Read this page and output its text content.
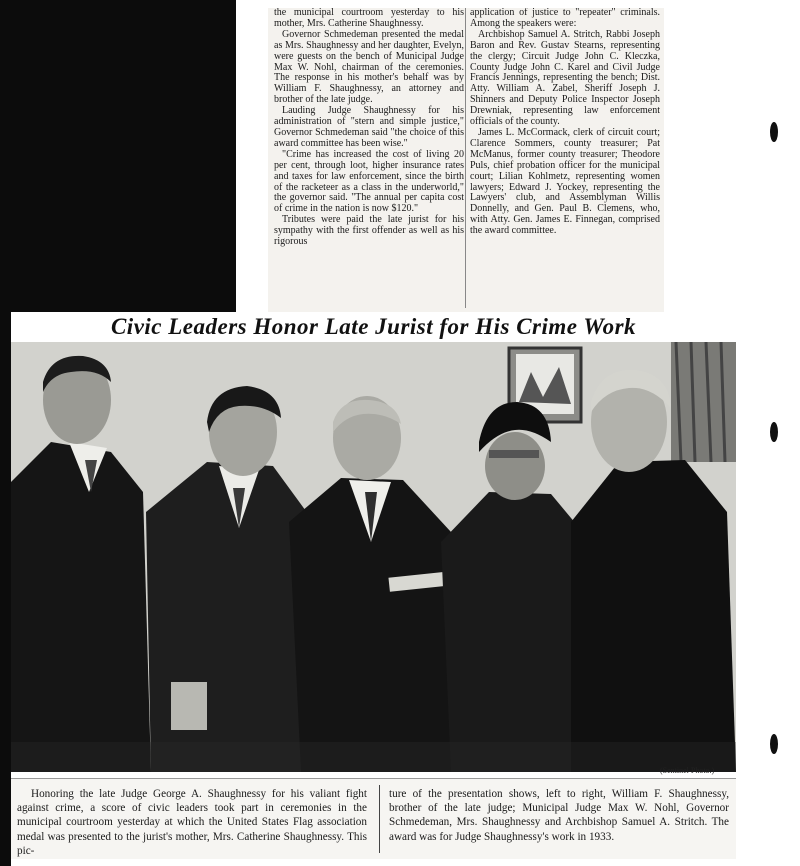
the municipal courtroom yesterday to his mother, Mrs. Catherine Shaughnessy.

Governor Schmedeman presented the medal as Mrs. Shaughnessy and her daughter, Evelyn, were guests on the bench of Municipal Judge Max W. Nohl, chairman of the ceremonies. The response in his mother's behalf was by William F. Shaughnessy, an attorney and brother of the late judge.

Lauding Judge Shaughnessy for his administration of "stern and simple justice," Governor Schmedeman said "the choice of this award committee has been wise."

"Crime has increased the cost of living 20 per cent, through loot, higher insurance rates and taxes for law enforcement, since the birth of the racketeer as a class in the underworld," the governor said. "The annual per capita cost of crime in the nation is now $120."

Tributes were paid the late jurist for his sympathy with the first offender as well as his rigorous

application of justice to "repeater" criminals. Among the speakers were:

Archbishop Samuel A. Stritch, Rabbi Joseph Baron and Rev. Gustav Stearns, representing the clergy; Circuit Judge John C. Kleczka, County Judge John C. Karel and Civil Judge Francis Jennings, representing the bench; Dist. Atty. William A. Zabel, Sheriff Joseph J. Shinners and Deputy Police Inspector Joseph Drewniak, representing law enforcement officials of the county.

James L. McCormack, clerk of circuit court; Clarence Sommers, county treasurer; Pat McManus, former county treasurer; Theodore Puls, chief probation officer for the municipal court; Lilian Kohlmetz, representing women lawyers; Edward J. Yockey, representing the Lawyers' club, and Assemblyman Willis Donnelly, and Gen. Paul B. Clemens, who, with Atty. Gen. James E. Finnegan, comprised the award committee.

Civic Leaders Honor Late Jurist for His Crime Work
(Sentinel Photo.)
Honoring the late Judge George A. Shaughnessy for his valiant fight against crime, a score of civic leaders took part in ceremonies in the municipal courtroom yesterday at which the United States Flag association medal was presented to the jurist's mother, Mrs. Catherine Shaughnessy. This pic-
ture of the presentation shows, left to right, William F. Shaughnessy, brother of the late judge; Municipal Judge Max W. Nohl, Governor Schmedeman, Mrs. Shaughnessy and Archbishop Samuel A. Stritch. The award was for Judge Shaughnessy's work in 1933.
